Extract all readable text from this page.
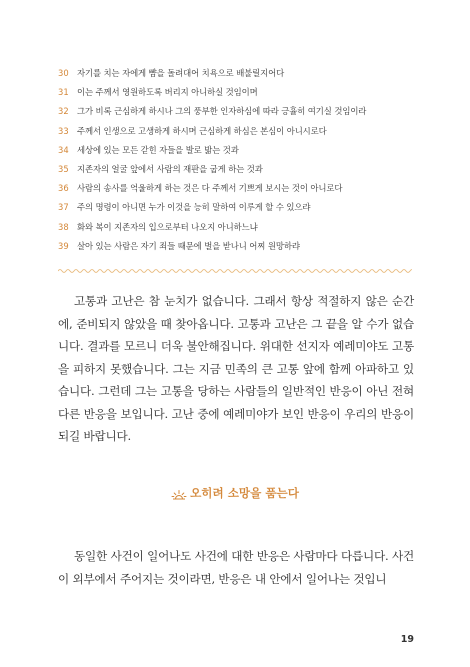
30 자기를 치는 자에게 뺨을 돌려대어 치욕으로 배불릴지어다
31 이는 주께서 영원하도록 버리지 아니하실 것임이며
32 그가 비록 근심하게 하시나 그의 풍부한 인자하심에 따라 긍휼히 여기실 것임이라
33 주께서 인생으로 고생하게 하시며 근심하게 하심은 본심이 아니시로다
34 세상에 있는 모든 갇힌 자들을 발로 밟는 것과
35 지존자의 얼굴 앞에서 사람의 재판을 굽게 하는 것과
36 사람의 송사를 억울하게 하는 것은 다 주께서 기쁘게 보시는 것이 아니로다
37 주의 명령이 아니면 누가 이것을 능히 말하여 이루게 할 수 있으랴
38 화와 복이 지존자의 입으로부터 나오지 아니하느냐
39 살아 있는 사람은 자기 죄들 때문에 벌을 받나니 어찌 원망하랴

고통과 고난은 참 눈치가 없습니다. 그래서 항상 적절하지 않은 순간에, 준비되지 않았을 때 찾아옵니다. 고통과 고난은 그 끝을 알 수가 없습니다. 결과를 모르니 더욱 불안해집니다. 위대한 선지자 예레미야도 고통을 피하지 못했습니다. 그는 지금 민족의 큰 고통 앞에 함께 아파하고 있습니다. 그런데 그는 고통을 당하는 사람들의 일반적인 반응이 아닌 전혀 다른 반응을 보입니다. 고난 중에 예레미야가 보인 반응이 우리의 반응이 되길 바랍니다.

오히려 소망을 품는다

동일한 사건이 일어나도 사건에 대한 반응은 사람마다 다릅니다. 사건이 외부에서 주어지는 것이라면, 반응은 내 안에서 일어나는 것입니

19
